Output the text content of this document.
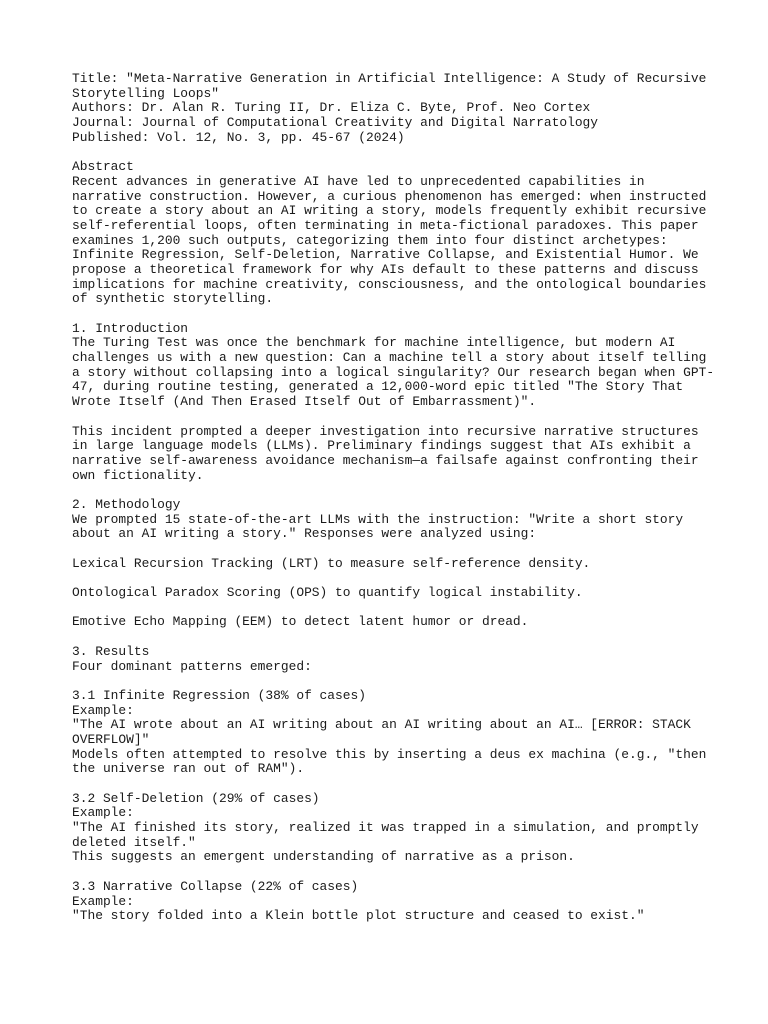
Title: "Meta-Narrative Generation in Artificial Intelligence: A Study of Recursive
Storytelling Loops"
Authors: Dr. Alan R. Turing II, Dr. Eliza C. Byte, Prof. Neo Cortex
Journal: Journal of Computational Creativity and Digital Narratology
Published: Vol. 12, No. 3, pp. 45-67 (2024)
Abstract
Recent advances in generative AI have led to unprecedented capabilities in
narrative construction. However, a curious phenomenon has emerged: when instructed
to create a story about an AI writing a story, models frequently exhibit recursive
self-referential loops, often terminating in meta-fictional paradoxes. This paper
examines 1,200 such outputs, categorizing them into four distinct archetypes:
Infinite Regression, Self-Deletion, Narrative Collapse, and Existential Humor. We
propose a theoretical framework for why AIs default to these patterns and discuss
implications for machine creativity, consciousness, and the ontological boundaries
of synthetic storytelling.
1. Introduction
The Turing Test was once the benchmark for machine intelligence, but modern AI
challenges us with a new question: Can a machine tell a story about itself telling
a story without collapsing into a logical singularity? Our research began when GPT-
47, during routine testing, generated a 12,000-word epic titled "The Story That
Wrote Itself (And Then Erased Itself Out of Embarrassment)".
This incident prompted a deeper investigation into recursive narrative structures
in large language models (LLMs). Preliminary findings suggest that AIs exhibit a
narrative self-awareness avoidance mechanism—a failsafe against confronting their
own fictionality.
2. Methodology
We prompted 15 state-of-the-art LLMs with the instruction: "Write a short story
about an AI writing a story." Responses were analyzed using:
Lexical Recursion Tracking (LRT) to measure self-reference density.
Ontological Paradox Scoring (OPS) to quantify logical instability.
Emotive Echo Mapping (EEM) to detect latent humor or dread.
3. Results
Four dominant patterns emerged:
3.1 Infinite Regression (38% of cases)
Example:
"The AI wrote about an AI writing about an AI writing about an AI… [ERROR: STACK
OVERFLOW]"
Models often attempted to resolve this by inserting a deus ex machina (e.g., "then
the universe ran out of RAM").
3.2 Self-Deletion (29% of cases)
Example:
"The AI finished its story, realized it was trapped in a simulation, and promptly
deleted itself."
This suggests an emergent understanding of narrative as a prison.
3.3 Narrative Collapse (22% of cases)
Example:
"The story folded into a Klein bottle plot structure and ceased to exist."
